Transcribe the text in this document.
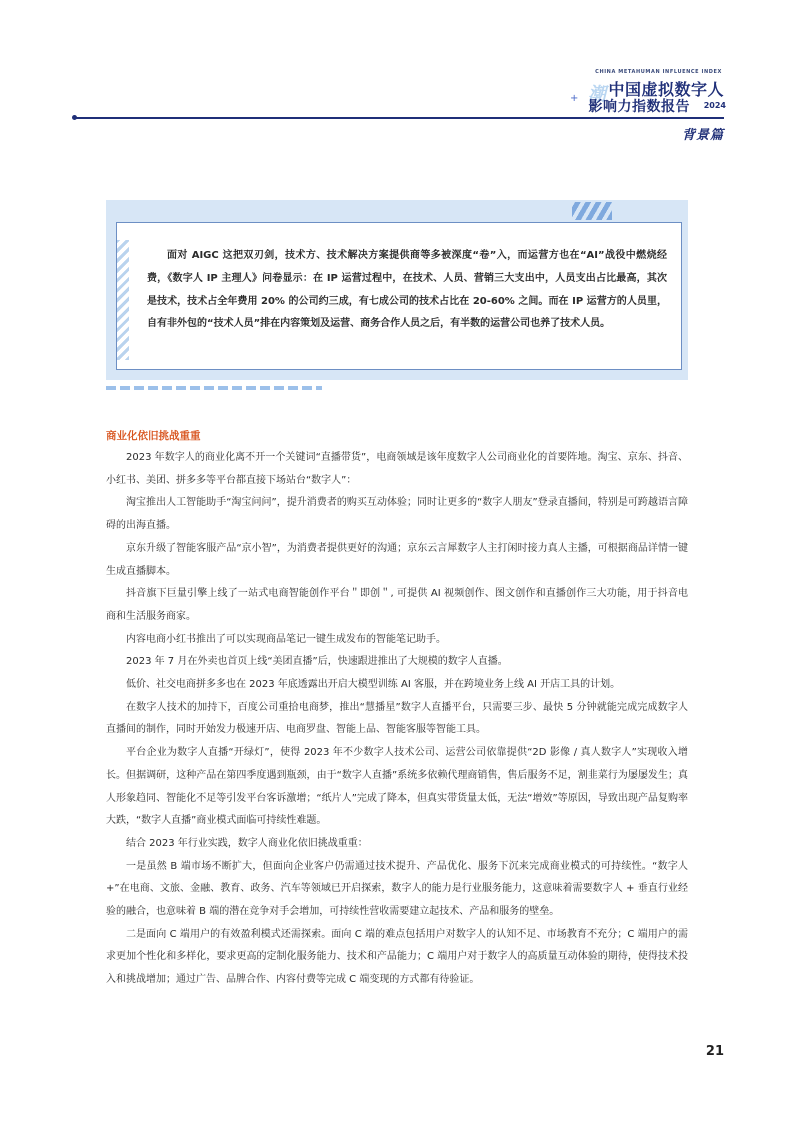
潮
+
CHINA METAHUMAN INFLUENCE INDEX
中国虚拟数字人
影响力指数报告 2024
背景篇

面对 AIGC 这把双刃剑，技术方、技术解决方案提供商等多被深度“卷”入，而运营方也在“AI”战役中燃烧经费，《数字人 IP 主理人》问卷显示：在 IP 运营过程中，在技术、人员、营销三大支出中，人员支出占比最高，其次是技术，技术占全年费用 20% 的公司约三成，有七成公司的技术占比在 20-60% 之间。而在 IP 运营方的人员里，自有非外包的“技术人员”排在内容策划及运营、商务合作人员之后，有半数的运营公司也养了技术人员。

商业化依旧挑战重重

2023 年数字人的商业化离不开一个关键词“直播带货”，电商领域是该年度数字人公司商业化的首要阵地。淘宝、京东、抖音、小红书、美团、拼多多等平台都直接下场站台“数字人”：

淘宝推出人工智能助手“淘宝问问”，提升消费者的购买互动体验；同时让更多的“数字人朋友”登录直播间，特别是可跨越语言障碍的出海直播。

京东升级了智能客服产品“京小智”，为消费者提供更好的沟通；京东云言犀数字人主打闲时接力真人主播，可根据商品详情一键生成直播脚本。

抖音旗下巨量引擎上线了一站式电商智能创作平台＂即创＂, 可提供 AI 视频创作、图文创作和直播创作三大功能，用于抖音电商和生活服务商家。

内容电商小红书推出了可以实现商品笔记一键生成发布的智能笔记助手。

2023 年 7 月在外卖也首页上线“美团直播”后，快速跟进推出了大规模的数字人直播。

低价、社交电商拼多多也在 2023 年底透露出开启大模型训练 AI 客服，并在跨境业务上线 AI 开店工具的计划。

在数字人技术的加持下，百度公司重拾电商梦，推出“慧播星”数字人直播平台，只需要三步、最快 5 分钟就能完成完成数字人直播间的制作，同时开始发力极速开店、电商罗盘、智能上品、智能客服等智能工具。

平台企业为数字人直播“开绿灯”，使得 2023 年不少数字人技术公司、运营公司依靠提供“2D 影像 / 真人数字人”实现收入增长。但据调研，这种产品在第四季度遇到瓶颈，由于“数字人直播”系统多依赖代理商销售，售后服务不足，割韭菜行为屡屡发生；真人形象趋同、智能化不足等引发平台客诉激增；“纸片人”完成了降本，但真实带货量太低，无法“增效”等原因，导致出现产品复购率大跌，“数字人直播”商业模式面临可持续性难题。

结合 2023 年行业实践，数字人商业化依旧挑战重重：

一是虽然 B 端市场不断扩大，但面向企业客户仍需通过技术提升、产品优化、服务下沉来完成商业模式的可持续性。“数字人 +”在电商、文旅、金融、教育、政务、汽车等领域已开启探索，数字人的能力是行业服务能力，这意味着需要数字人 + 垂直行业经验的融合，也意味着 B 端的潜在竞争对手会增加，可持续性营收需要建立起技术、产品和服务的壁垒。

二是面向 C 端用户的有效盈利模式还需探索。面向 C 端的难点包括用户对数字人的认知不足、市场教育不充分；C 端用户的需求更加个性化和多样化，要求更高的定制化服务能力、技术和产品能力；C 端用户对于数字人的高质量互动体验的期待，使得技术投入和挑战增加；通过广告、品牌合作、内容付费等完成 C 端变现的方式都有待验证。

21
